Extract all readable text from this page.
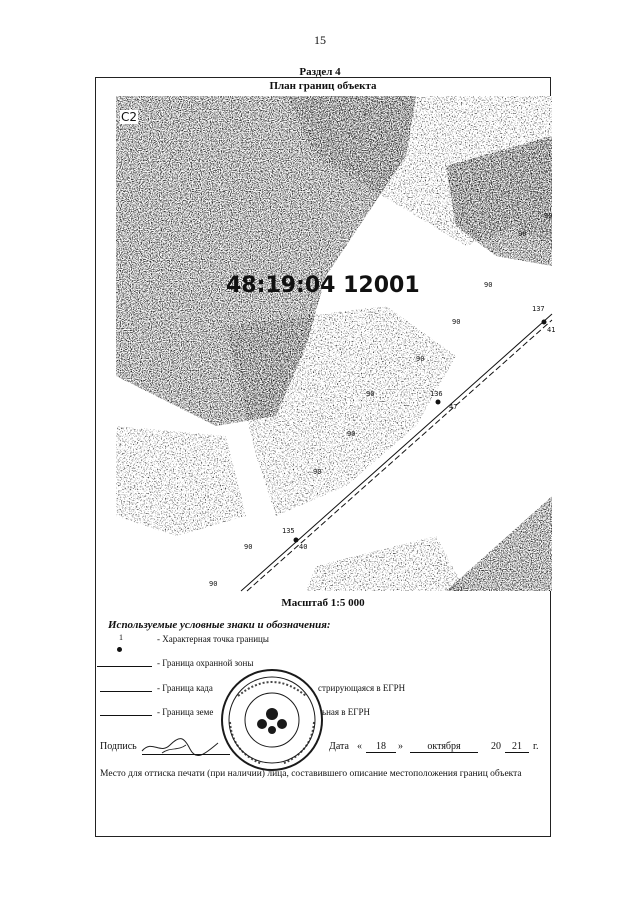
15
Раздел 4
План границ объекта
48:19:04 12001
137
41
47
135
40
136
90
90
90
90
90
90
90
90
90
90
С2
Масштаб 1:5 000
Используемые условные знаки и обозначения:
1	- Характерная точка границы
- Граница охранной зоны
- Граница када	стрирующаяся в ЕГРН
- Граница земе	ьная в ЕГРН
Подпись	Дата «	18	»	октября	20	21	г.
Место для оттиска печати (при наличии) лица, составившего описание местоположения границ объекта
